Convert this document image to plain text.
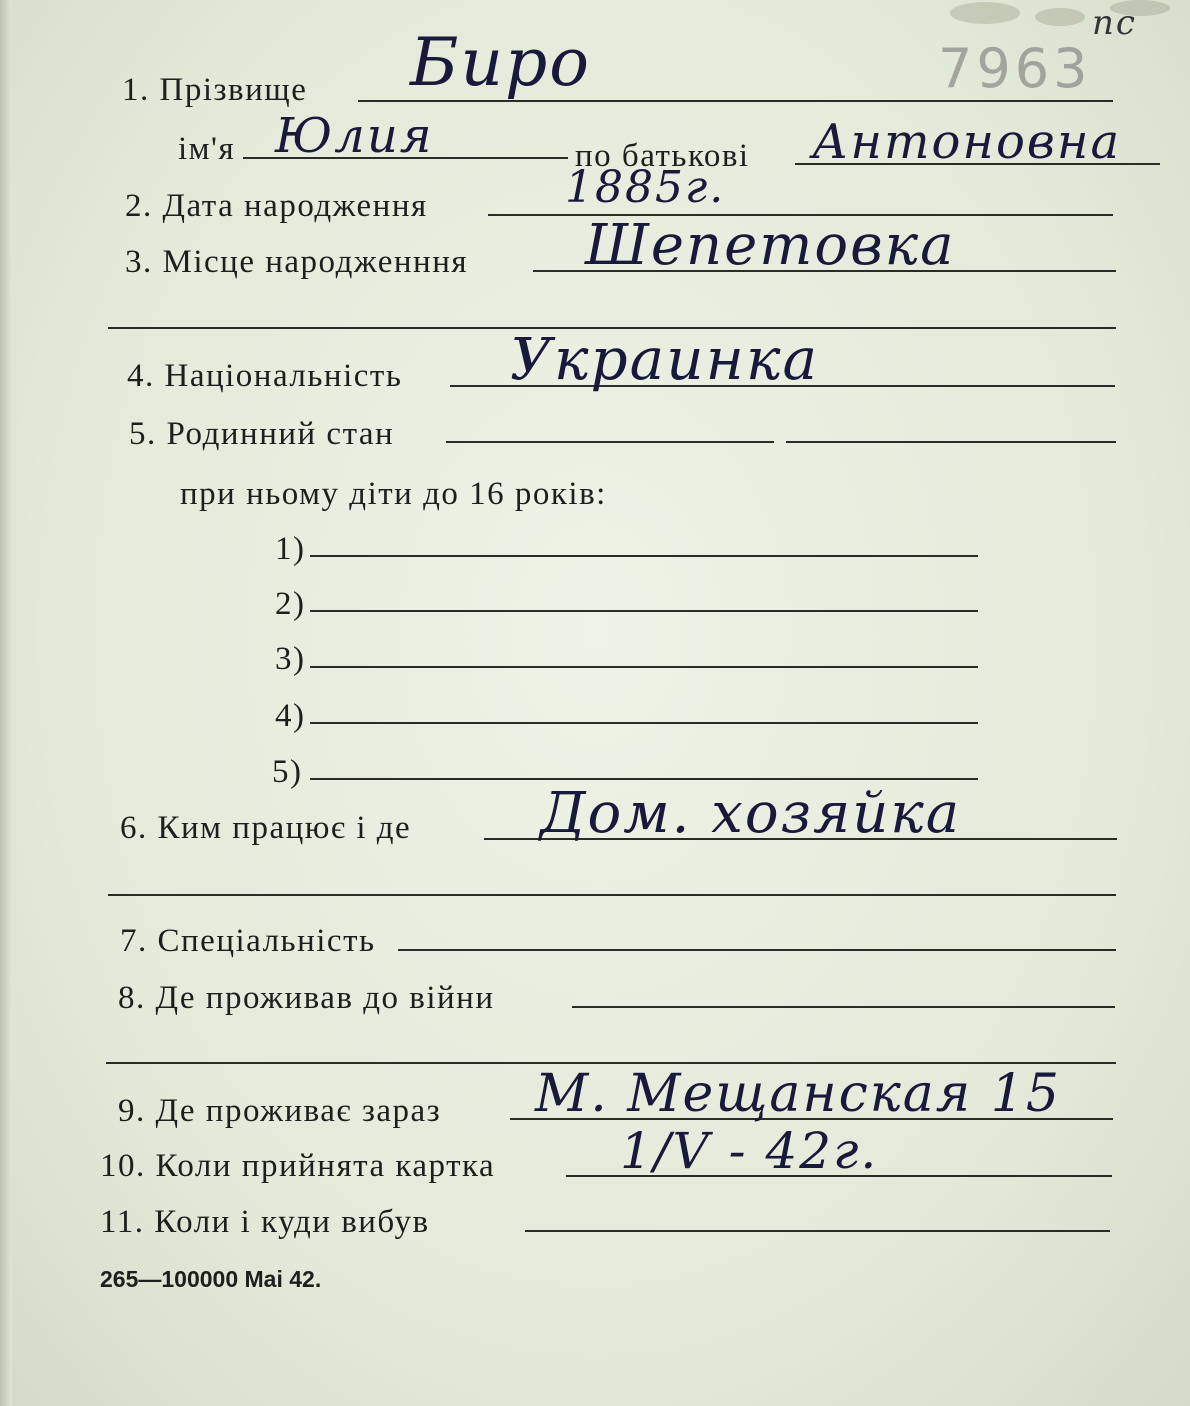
7963
пс
1. Прізвище Биро
ім'я Юлия	по батькові Антоновна
2. Дата народження	1885г.
3. Місце народженння Шепетовка
4. Національність Украинка
5. Родинний стан
при ньому діти до 16 років:
1)
2)
3)
4)
5)
6. Ким працює і де Дом. хозяйка
7. Спеціальність
8. Де проживав до війни
9. Де проживає зараз М. Мещанская 15
10. Коли прийнята картка 1/V - 42г.
11. Коли і куди вибув
265—100000 Mai 42.
